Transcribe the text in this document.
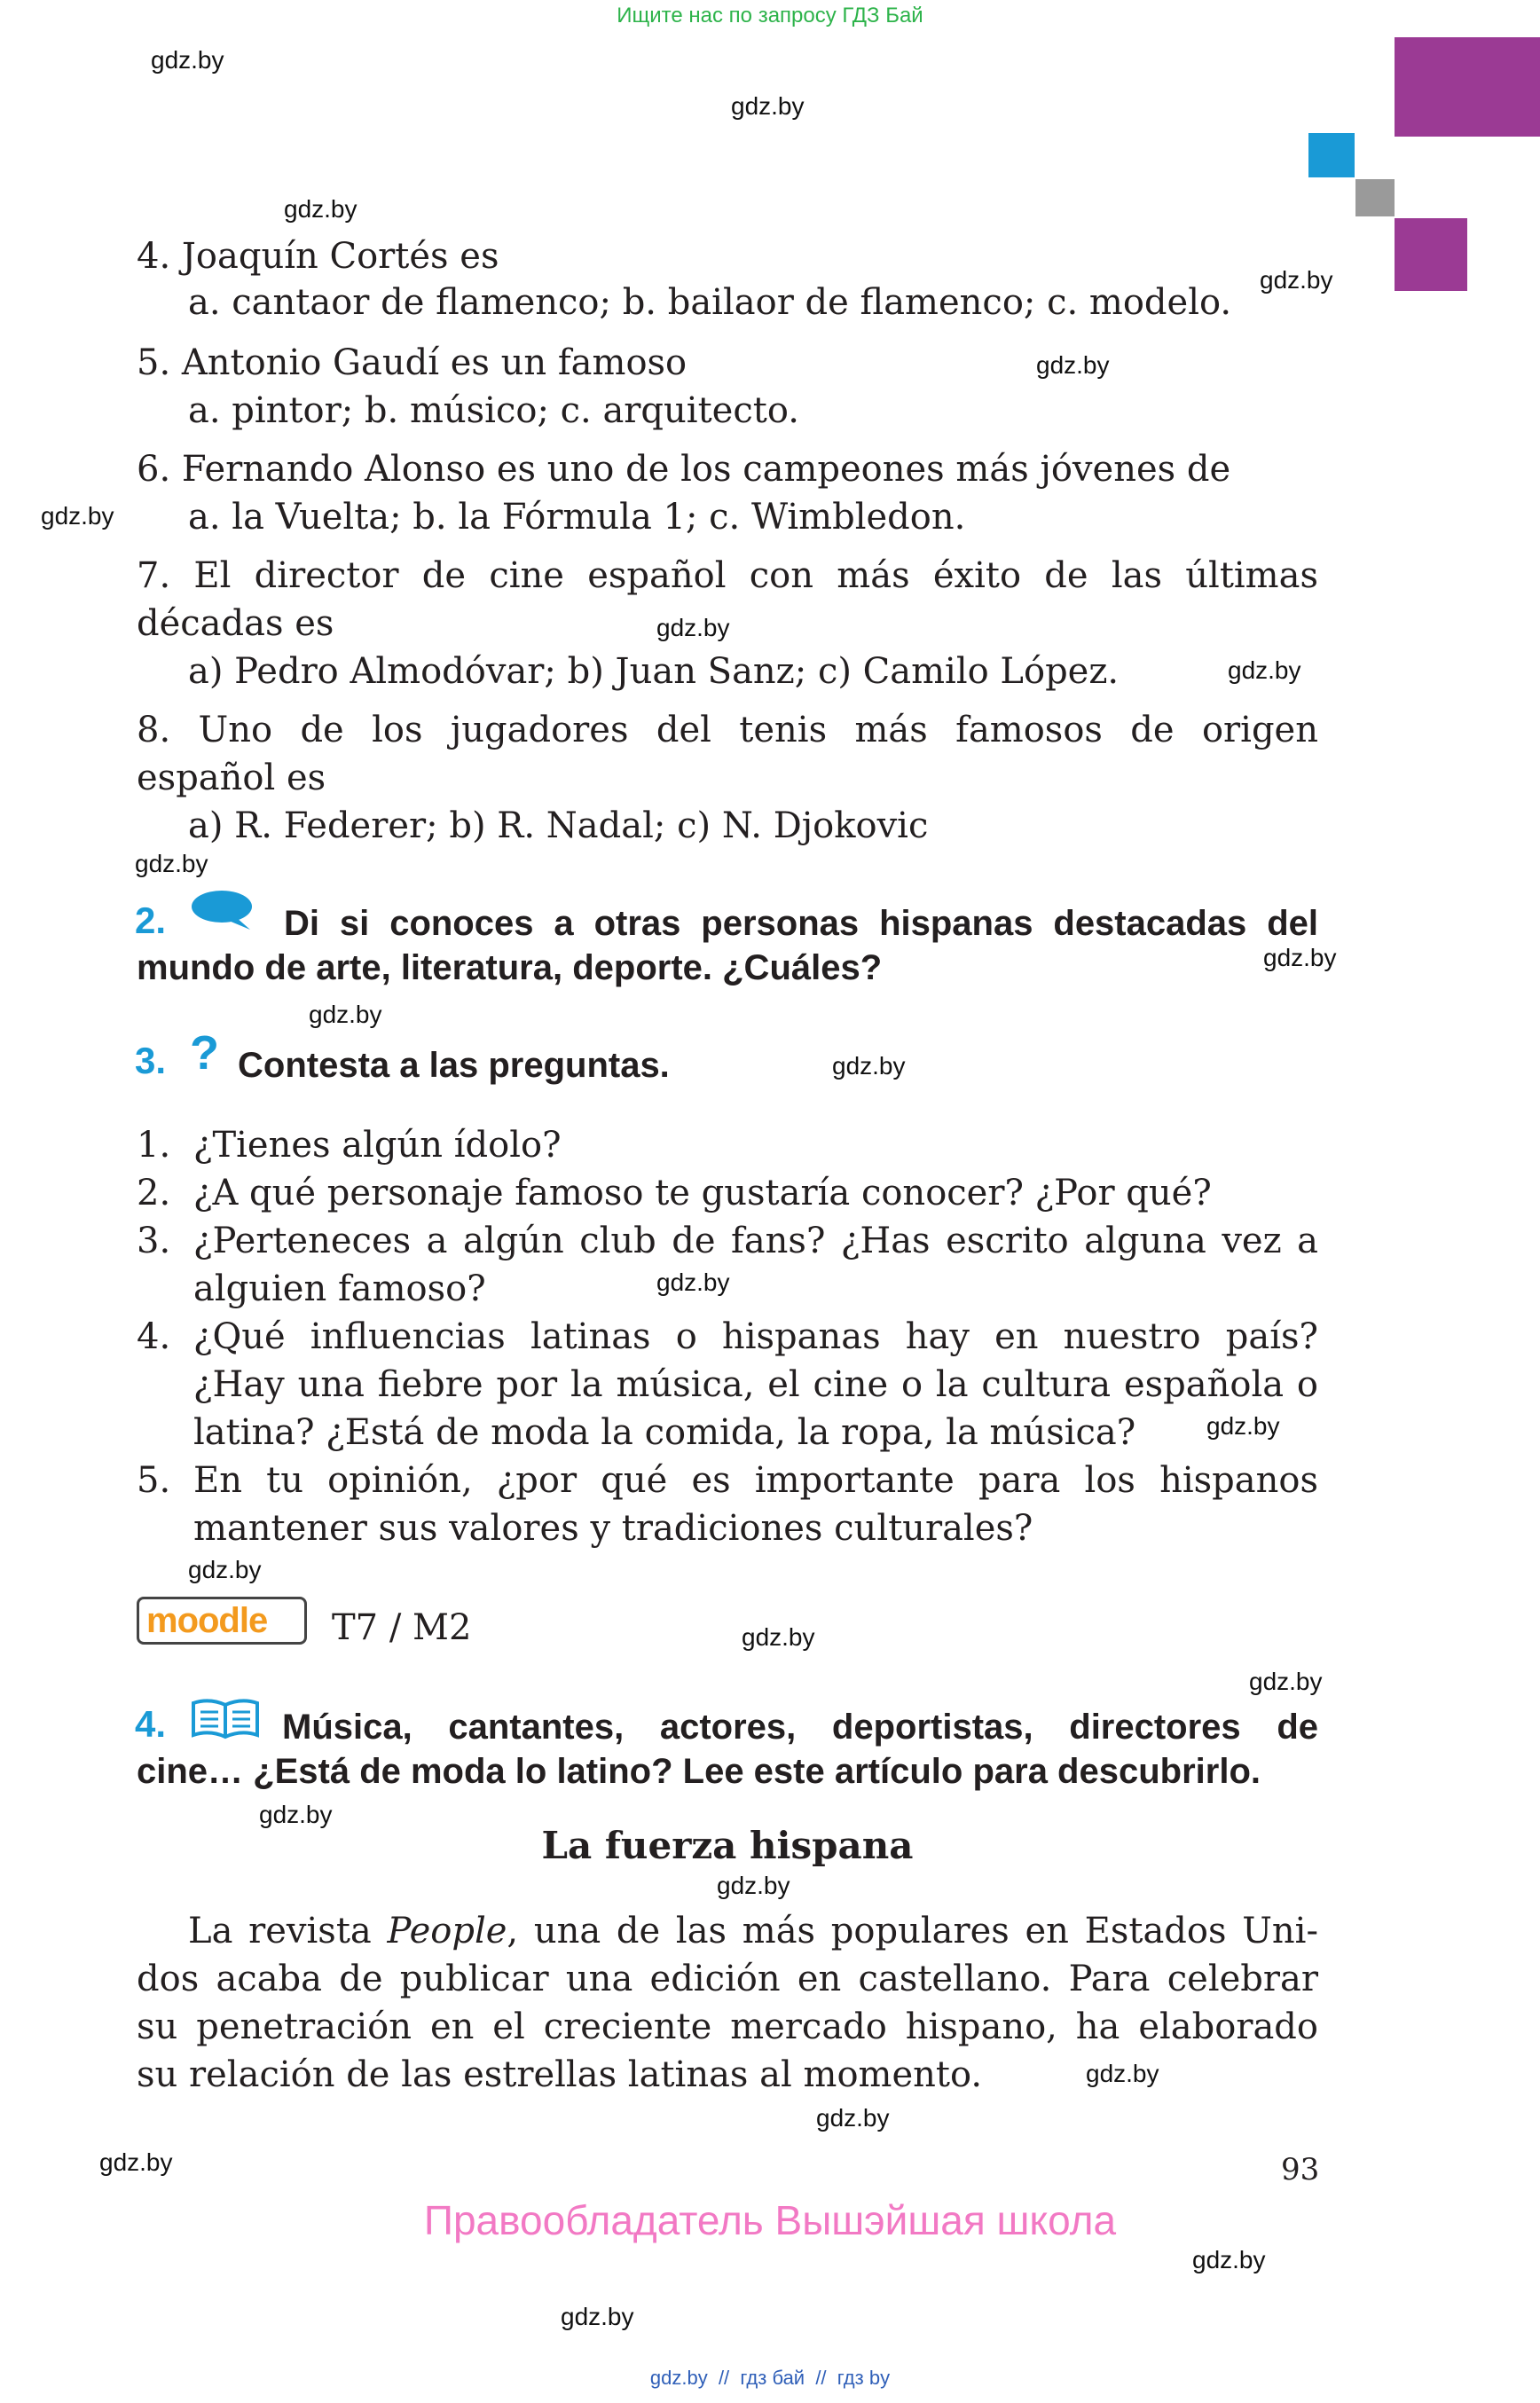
Ищите нас по запросу ГДЗ Бай
gdz.by
gdz.by
gdz.by
gdz.by
gdz.by
gdz.by
gdz.by
gdz.by
gdz.by
gdz.by
gdz.by
gdz.by
gdz.by
gdz.by
gdz.by
gdz.by
gdz.by
gdz.by
gdz.by
gdz.by
gdz.by
gdz.by
gdz.by
gdz.by
4. Joaquín Cortés es
a. cantaor de flamenco; b. bailaor de flamenco; c. modelo.
5. Antonio Gaudí es un famoso
a. pintor; b. músico; c. arquitecto.
6. Fernando Alonso es uno de los campeones más jóvenes de
a. la Vuelta; b. la Fórmula 1; c. Wimbledon.
7. El director de cine español con más éxito de las últimas
décadas es
a) Pedro Almodóvar; b) Juan Sanz; c) Camilo López.
8. Uno de los jugadores del tenis más famosos de origen
español es
a) R. Federer; b) R. Nadal; c) N. Djokovic
2.	Di si conoces a otras personas hispanas destacadas del
mundo de arte, literatura, deporte. ¿Cuáles?
3. ? Contesta a las preguntas.
1. ¿Tienes algún ídolo?
2. ¿A qué personaje famoso te gustaría conocer? ¿Por qué?
3. ¿Perteneces a algún club de fans? ¿Has escrito alguna vez a
alguien famoso?
4. ¿Qué influencias latinas o hispanas hay en nuestro país?
¿Hay una fiebre por la música, el cine o la cultura española o
latina? ¿Está de moda la comida, la ropa, la música?
5. En tu opinión, ¿por qué es importante para los hispanos
mantener sus valores y tradiciones culturales?
moodle T7 / M2
4.	Música, cantantes, actores, deportistas, directores de
cine… ¿Está de moda lo latino? Lee este artículo para descubrirlo.
La fuerza hispana
La revista People, una de las más populares en Estados Uni-
dos acaba de publicar una edición en castellano. Para celebrar
su penetración en el creciente mercado hispano, ha elaborado
su relación de las estrellas latinas al momento.
93
Правообладатель Вышэйшая школа
gdz.by  //  гдз бай  //  гдз by
